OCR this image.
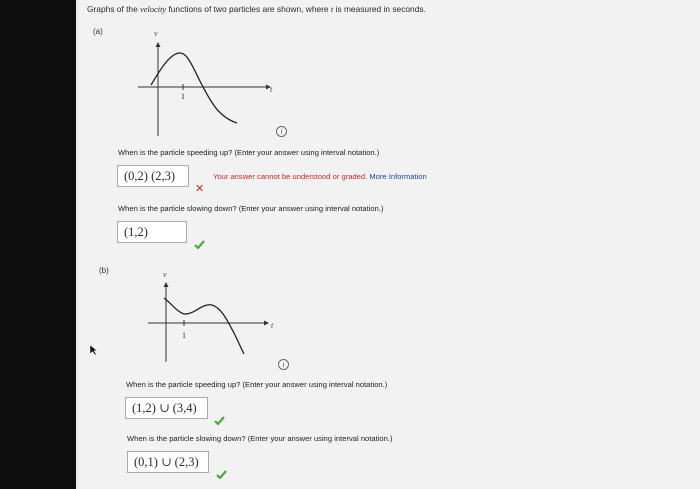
Graphs of the velocity functions of two particles are shown, where t is measured in seconds.
(a)	v
t
1
i
When is the particle speeding up? (Enter your answer using interval notation.)
(0,2) (2,3)	Your answer cannot be understood or graded. More Information
✕
When is the particle slowing down? (Enter your answer using interval notation.)
(1,2)
(b)	v
t
1
i
When is the particle speeding up? (Enter your answer using interval notation.)
(1,2) ∪ (3,4)
When is the particle slowing down? (Enter your answer using interval notation.)
(0,1) ∪ (2,3)
